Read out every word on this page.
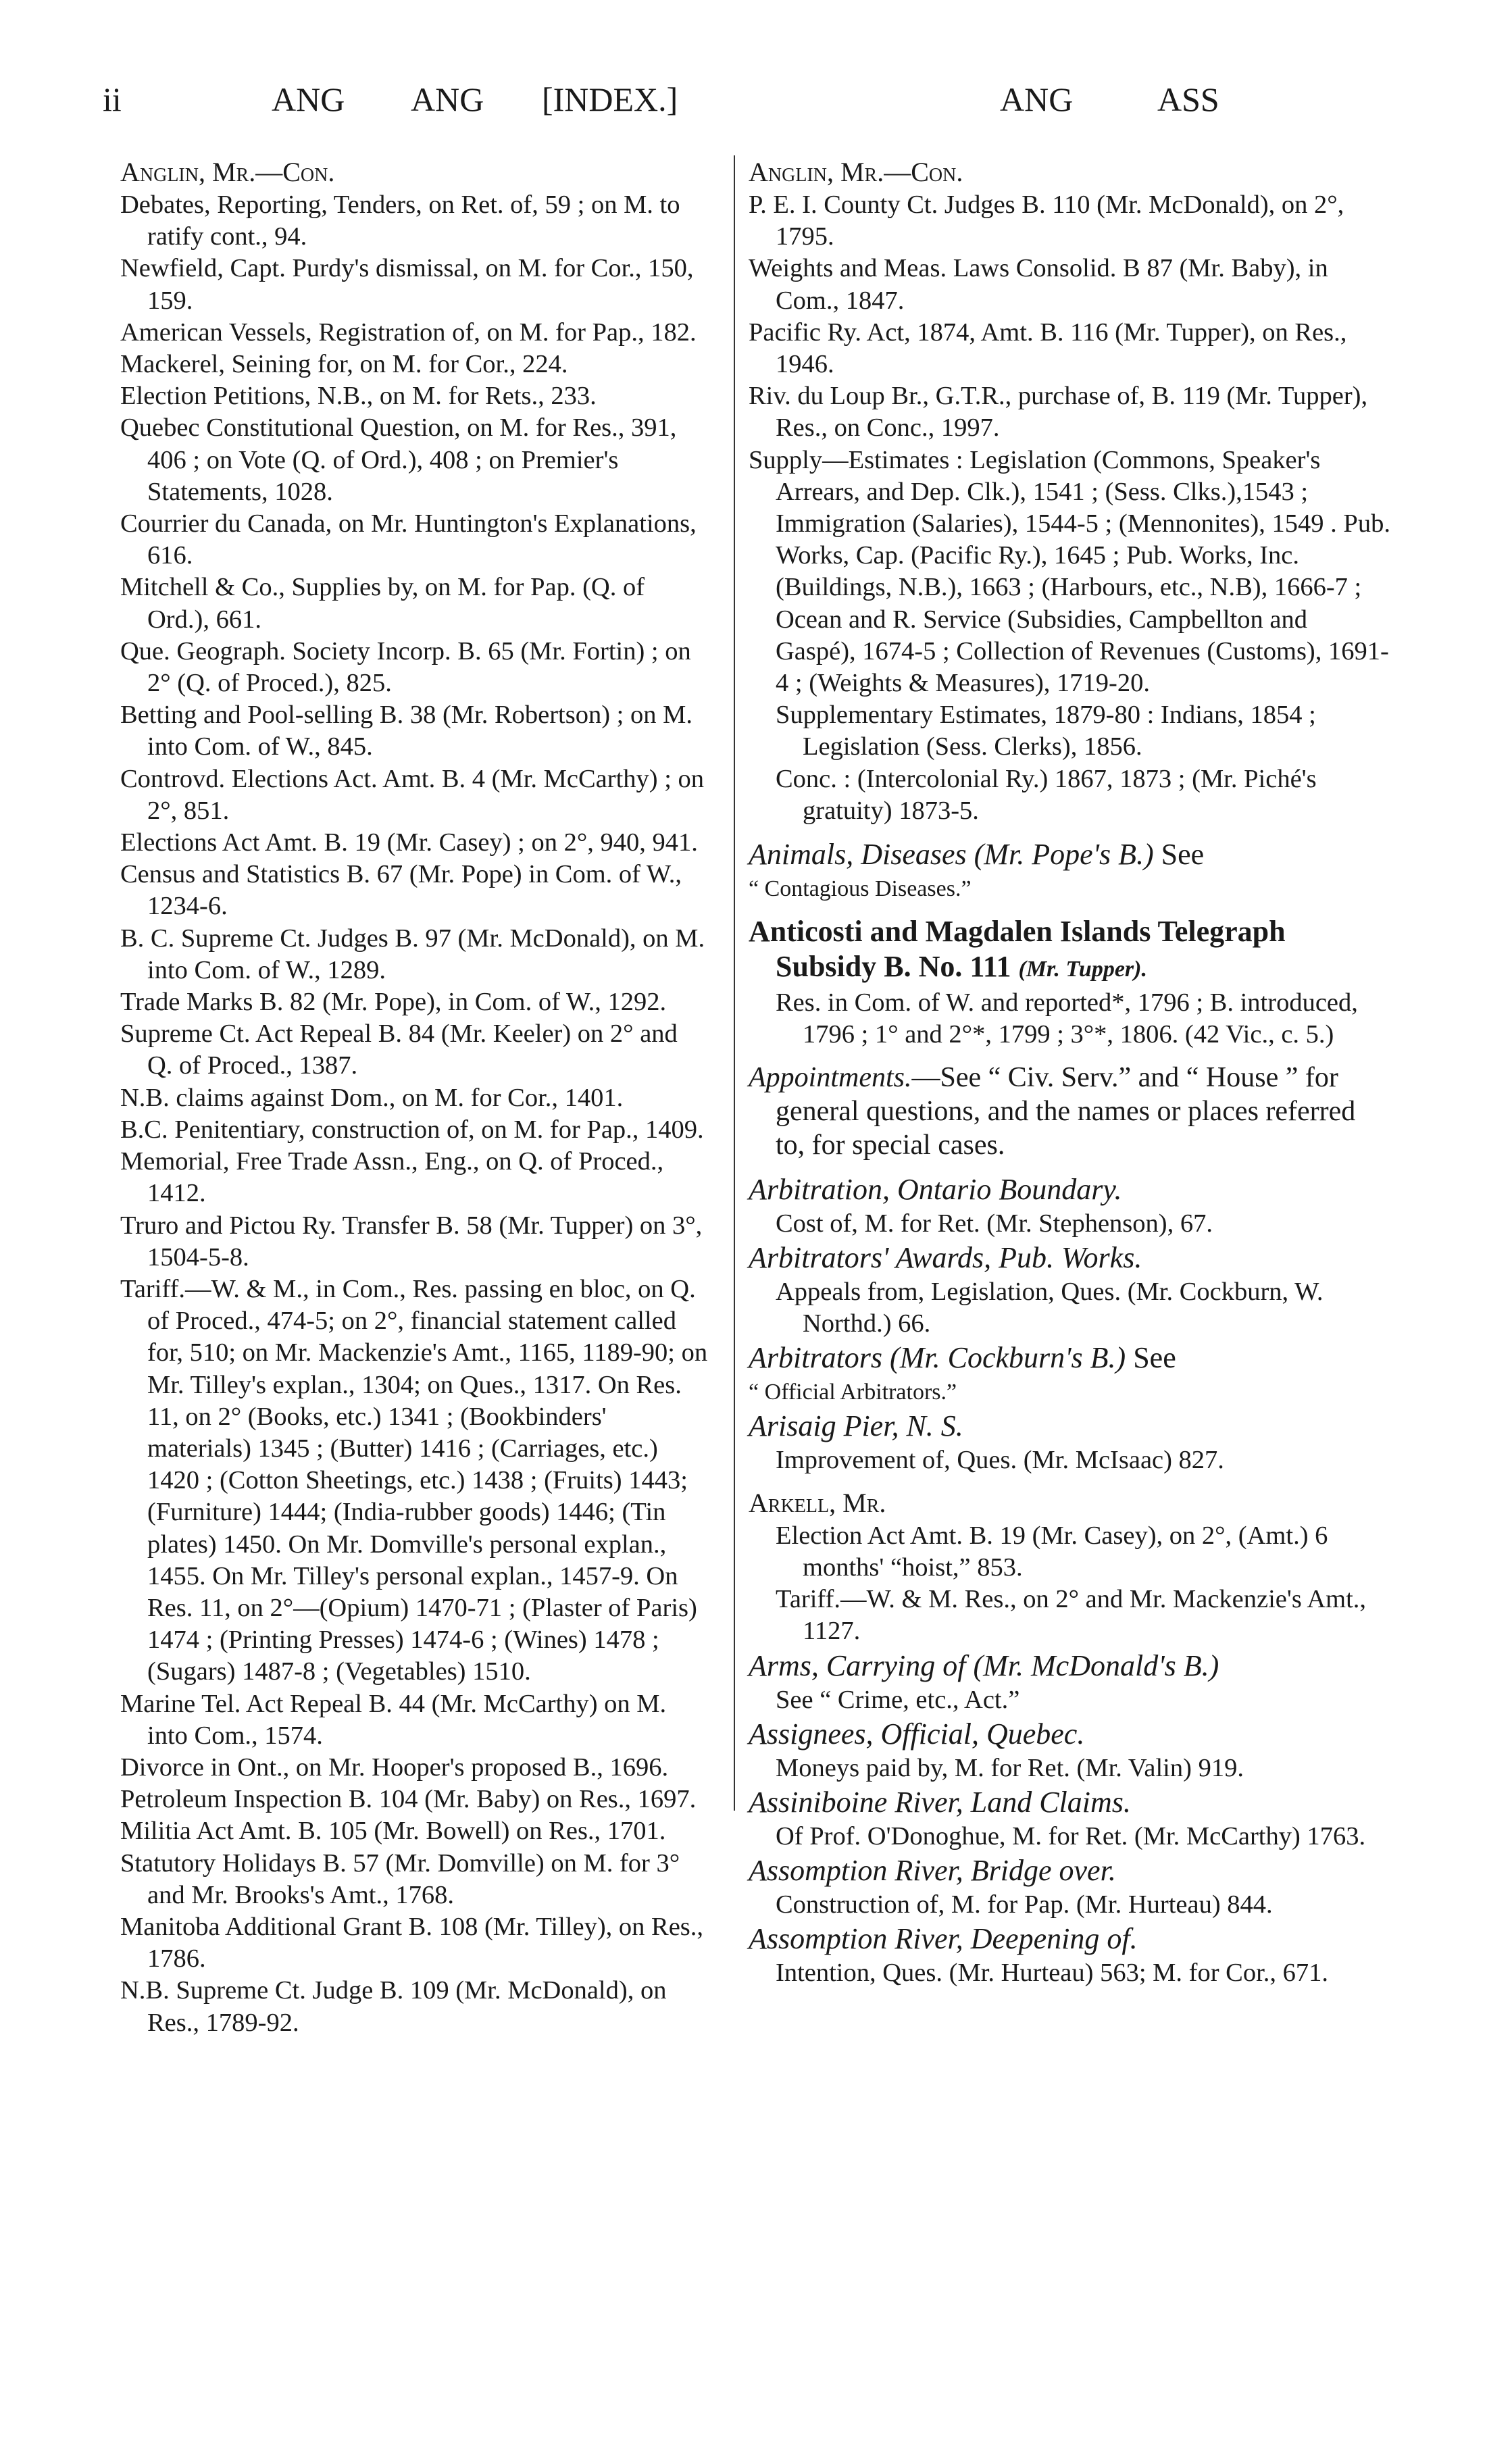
ii	ANG ANG [INDEX.]	ANG ASS

Anglin, Mr.—Con.

Debates, Reporting, Tenders, on Ret. of, 59 ; on M. to ratify cont., 94.

Newfield, Capt. Purdy's dismissal, on M. for Cor., 150, 159.

American Vessels, Registration of, on M. for Pap., 182.

Mackerel, Seining for, on M. for Cor., 224.

Election Petitions, N.B., on M. for Rets., 233.

Quebec Constitutional Question, on M. for Res., 391, 406 ; on Vote (Q. of Ord.), 408 ; on Premier's Statements, 1028.

Courrier du Canada, on Mr. Huntington's Explanations, 616.

Mitchell & Co., Supplies by, on M. for Pap. (Q. of Ord.), 661.

Que. Geograph. Society Incorp. B. 65 (Mr. Fortin) ; on 2° (Q. of Proced.), 825.

Betting and Pool-selling B. 38 (Mr. Robertson) ; on M. into Com. of W., 845.

Controvd. Elections Act. Amt. B. 4 (Mr. McCarthy) ; on 2°, 851.

Elections Act Amt. B. 19 (Mr. Casey) ; on 2°, 940, 941.

Census and Statistics B. 67 (Mr. Pope) in Com. of W., 1234-6.

B. C. Supreme Ct. Judges B. 97 (Mr. McDonald), on M. into Com. of W., 1289.

Trade Marks B. 82 (Mr. Pope), in Com. of W., 1292.

Supreme Ct. Act Repeal B. 84 (Mr. Keeler) on 2° and Q. of Proced., 1387.

N.B. claims against Dom., on M. for Cor., 1401.

B.C. Penitentiary, construction of, on M. for Pap., 1409.

Memorial, Free Trade Assn., Eng., on Q. of Proced., 1412.

Truro and Pictou Ry. Transfer B. 58 (Mr. Tupper) on 3°, 1504-5-8.

Tariff.—W. & M., in Com., Res. passing en bloc, on Q. of Proced., 474-5; on 2°, financial statement called for, 510; on Mr. Mackenzie's Amt., 1165, 1189-90; on Mr. Tilley's explan., 1304; on Ques., 1317. On Res. 11, on 2° (Books, etc.) 1341 ; (Bookbinders' materials) 1345 ; (Butter) 1416 ; (Carriages, etc.) 1420 ; (Cotton Sheetings, etc.) 1438 ; (Fruits) 1443; (Furniture) 1444; (India-rubber goods) 1446; (Tin plates) 1450. On Mr. Domville's personal explan., 1455. On Mr. Tilley's personal explan., 1457-9. On Res. 11, on 2°—(Opium) 1470-71 ; (Plaster of Paris) 1474 ; (Printing Presses) 1474-6 ; (Wines) 1478 ; (Sugars) 1487-8 ; (Vegetables) 1510.

Marine Tel. Act Repeal B. 44 (Mr. McCarthy) on M. into Com., 1574.

Divorce in Ont., on Mr. Hooper's proposed B., 1696.

Petroleum Inspection B. 104 (Mr. Baby) on Res., 1697.

Militia Act Amt. B. 105 (Mr. Bowell) on Res., 1701.

Statutory Holidays B. 57 (Mr. Domville) on M. for 3° and Mr. Brooks's Amt., 1768.

Manitoba Additional Grant B. 108 (Mr. Tilley), on Res., 1786.

N.B. Supreme Ct. Judge B. 109 (Mr. McDonald), on Res., 1789-92.

Anglin, Mr.—Con.

P. E. I. County Ct. Judges B. 110 (Mr. McDonald), on 2°, 1795.

Weights and Meas. Laws Consolid. B 87 (Mr. Baby), in Com., 1847.

Pacific Ry. Act, 1874, Amt. B. 116 (Mr. Tupper), on Res., 1946.

Riv. du Loup Br., G.T.R., purchase of, B. 119 (Mr. Tupper), Res., on Conc., 1997.

Supply—Estimates : Legislation (Commons, Speaker's Arrears, and Dep. Clk.), 1541 ; (Sess. Clks.),1543 ; Immigration (Salaries), 1544-5 ; (Mennonites), 1549 . Pub. Works, Cap. (Pacific Ry.), 1645 ; Pub. Works, Inc. (Buildings, N.B.), 1663 ; (Harbours, etc., N.B), 1666-7 ; Ocean and R. Service (Subsidies, Campbellton and Gaspé), 1674-5 ; Collection of Revenues (Customs), 1691-4 ; (Weights & Measures), 1719-20.

Supplementary Estimates, 1879-80 : Indians, 1854 ; Legislation (Sess. Clerks), 1856.

Conc. : (Intercolonial Ry.) 1867, 1873 ; (Mr. Piché's gratuity) 1873-5.

Animals, Diseases (Mr. Pope's B.) See

“ Contagious Diseases.”

Anticosti and Magdalen Islands Telegraph Subsidy B. No. 111 (Mr. Tupper).

Res. in Com. of W. and reported*, 1796 ; B. introduced, 1796 ; 1° and 2°*, 1799 ; 3°*, 1806. (42 Vic., c. 5.)

Appointments.—See “ Civ. Serv.” and “ House ” for general questions, and the names or places referred to, for special cases.

Arbitration, Ontario Boundary.

Cost of, M. for Ret. (Mr. Stephenson), 67.

Arbitrators' Awards, Pub. Works.

Appeals from, Legislation, Ques. (Mr. Cockburn, W. Northd.) 66.

Arbitrators (Mr. Cockburn's B.) See

“ Official Arbitrators.”

Arisaig Pier, N. S.

Improvement of, Ques. (Mr. McIsaac) 827.

Arkell, Mr.

Election Act Amt. B. 19 (Mr. Casey), on 2°, (Amt.) 6 months' “hoist,” 853.

Tariff.—W. & M. Res., on 2° and Mr. Mackenzie's Amt., 1127.

Arms, Carrying of (Mr. McDonald's B.)

See “ Crime, etc., Act.”

Assignees, Official, Quebec.

Moneys paid by, M. for Ret. (Mr. Valin) 919.

Assiniboine River, Land Claims.

Of Prof. O'Donoghue, M. for Ret. (Mr. McCarthy) 1763.

Assomption River, Bridge over.

Construction of, M. for Pap. (Mr. Hurteau) 844.

Assomption River, Deepening of.

Intention, Ques. (Mr. Hurteau) 563; M. for Cor., 671.
